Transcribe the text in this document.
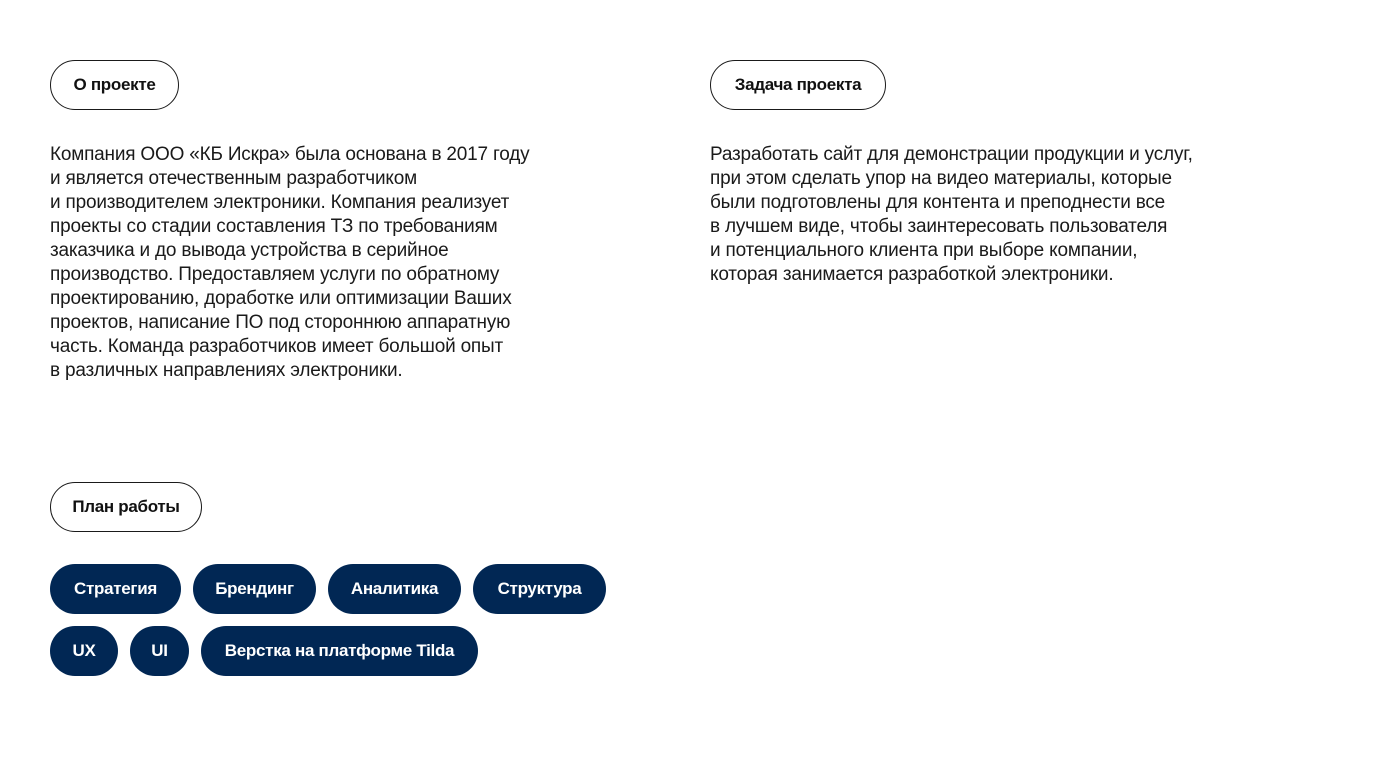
О проекте
Компания ООО «КБ Искра» была основана в 2017 году
и является отечественным разработчиком
и производителем электроники. Компания реализует
проекты со стадии составления ТЗ по требованиям
заказчика и до вывода устройства в серийное
производство. Предоставляем услуги по обратному
проектированию, доработке или оптимизации Ваших
проектов, написание ПО под стороннюю аппаратную
часть. Команда разработчиков имеет большой опыт
в различных направлениях электроники.
Задача проекта
Разработать сайт для демонстрации продукции и услуг,
при этом сделать упор на видео материалы, которые
были подготовлены для контента и преподнести все
в лучшем виде, чтобы заинтересовать пользователя
и потенциального клиента при выборе компании,
которая занимается разработкой электроники.
План работы
Стратегия	Брендинг	Аналитика	Структура
UX	UI	Верстка на платформе Tilda
